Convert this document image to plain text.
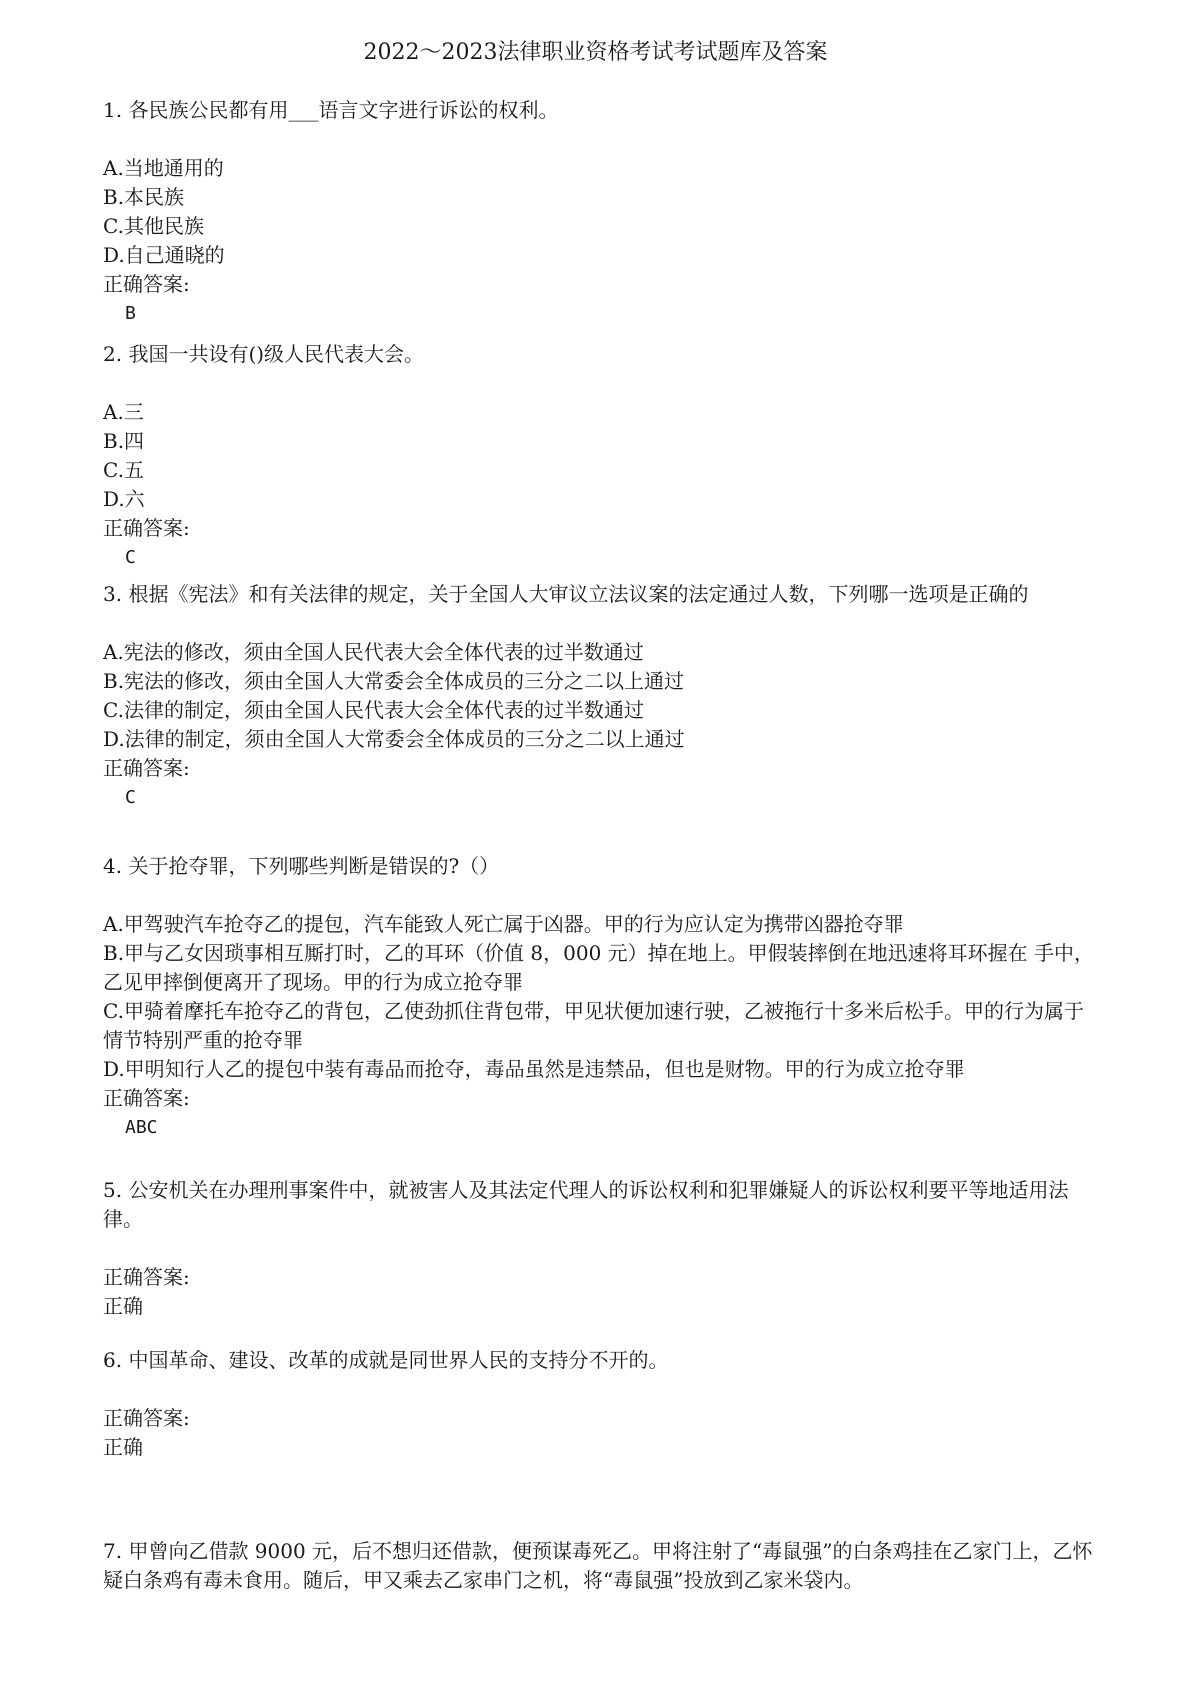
2022～2023法律职业资格考试考试题库及答案

1. 各民族公民都有用___语言文字进行诉讼的权利。

A.当地通用的
B.本民族
C.其他民族
D.自己通晓的

正确答案:

B

2. 我国一共设有()级人民代表大会。

A.三
B.四
C.五
D.六

正确答案:

C

3. 根据《宪法》和有关法律的规定，关于全国人大审议立法议案的法定通过人数，下列哪一选项是正确的

A.宪法的修改，须由全国人民代表大会全体代表的过半数通过
B.宪法的修改，须由全国人大常委会全体成员的三分之二以上通过
C.法律的制定，须由全国人民代表大会全体代表的过半数通过
D.法律的制定，须由全国人大常委会全体成员的三分之二以上通过

正确答案:

C

4. 关于抢夺罪，下列哪些判断是错误的?（）

A.甲驾驶汽车抢夺乙的提包，汽车能致人死亡属于凶器。甲的行为应认定为携带凶器抢夺罪
B.甲与乙女因琐事相互厮打时，乙的耳环（价值 8，000 元）掉在地上。甲假装摔倒在地迅速将耳环握在 手中，乙见甲摔倒便离开了现场。甲的行为成立抢夺罪
C.甲骑着摩托车抢夺乙的背包，乙使劲抓住背包带，甲见状便加速行驶，乙被拖行十多米后松手。甲的行为属于情节特别严重的抢夺罪
D.甲明知行人乙的提包中装有毒品而抢夺，毒品虽然是违禁品，但也是财物。甲的行为成立抢夺罪

正确答案:

ABC

5. 公安机关在办理刑事案件中，就被害人及其法定代理人的诉讼权利和犯罪嫌疑人的诉讼权利要平等地适用法律。

正确答案:

正确

6. 中国革命、建设、改革的成就是同世界人民的支持分不开的。

正确答案:

正确

7. 甲曾向乙借款 9000 元，后不想归还借款，便预谋毒死乙。甲将注射了“毒鼠强”的白条鸡挂在乙家门上，乙怀疑白条鸡有毒未食用。随后，甲又乘去乙家串门之机，将“毒鼠强”投放到乙家米袋内。
